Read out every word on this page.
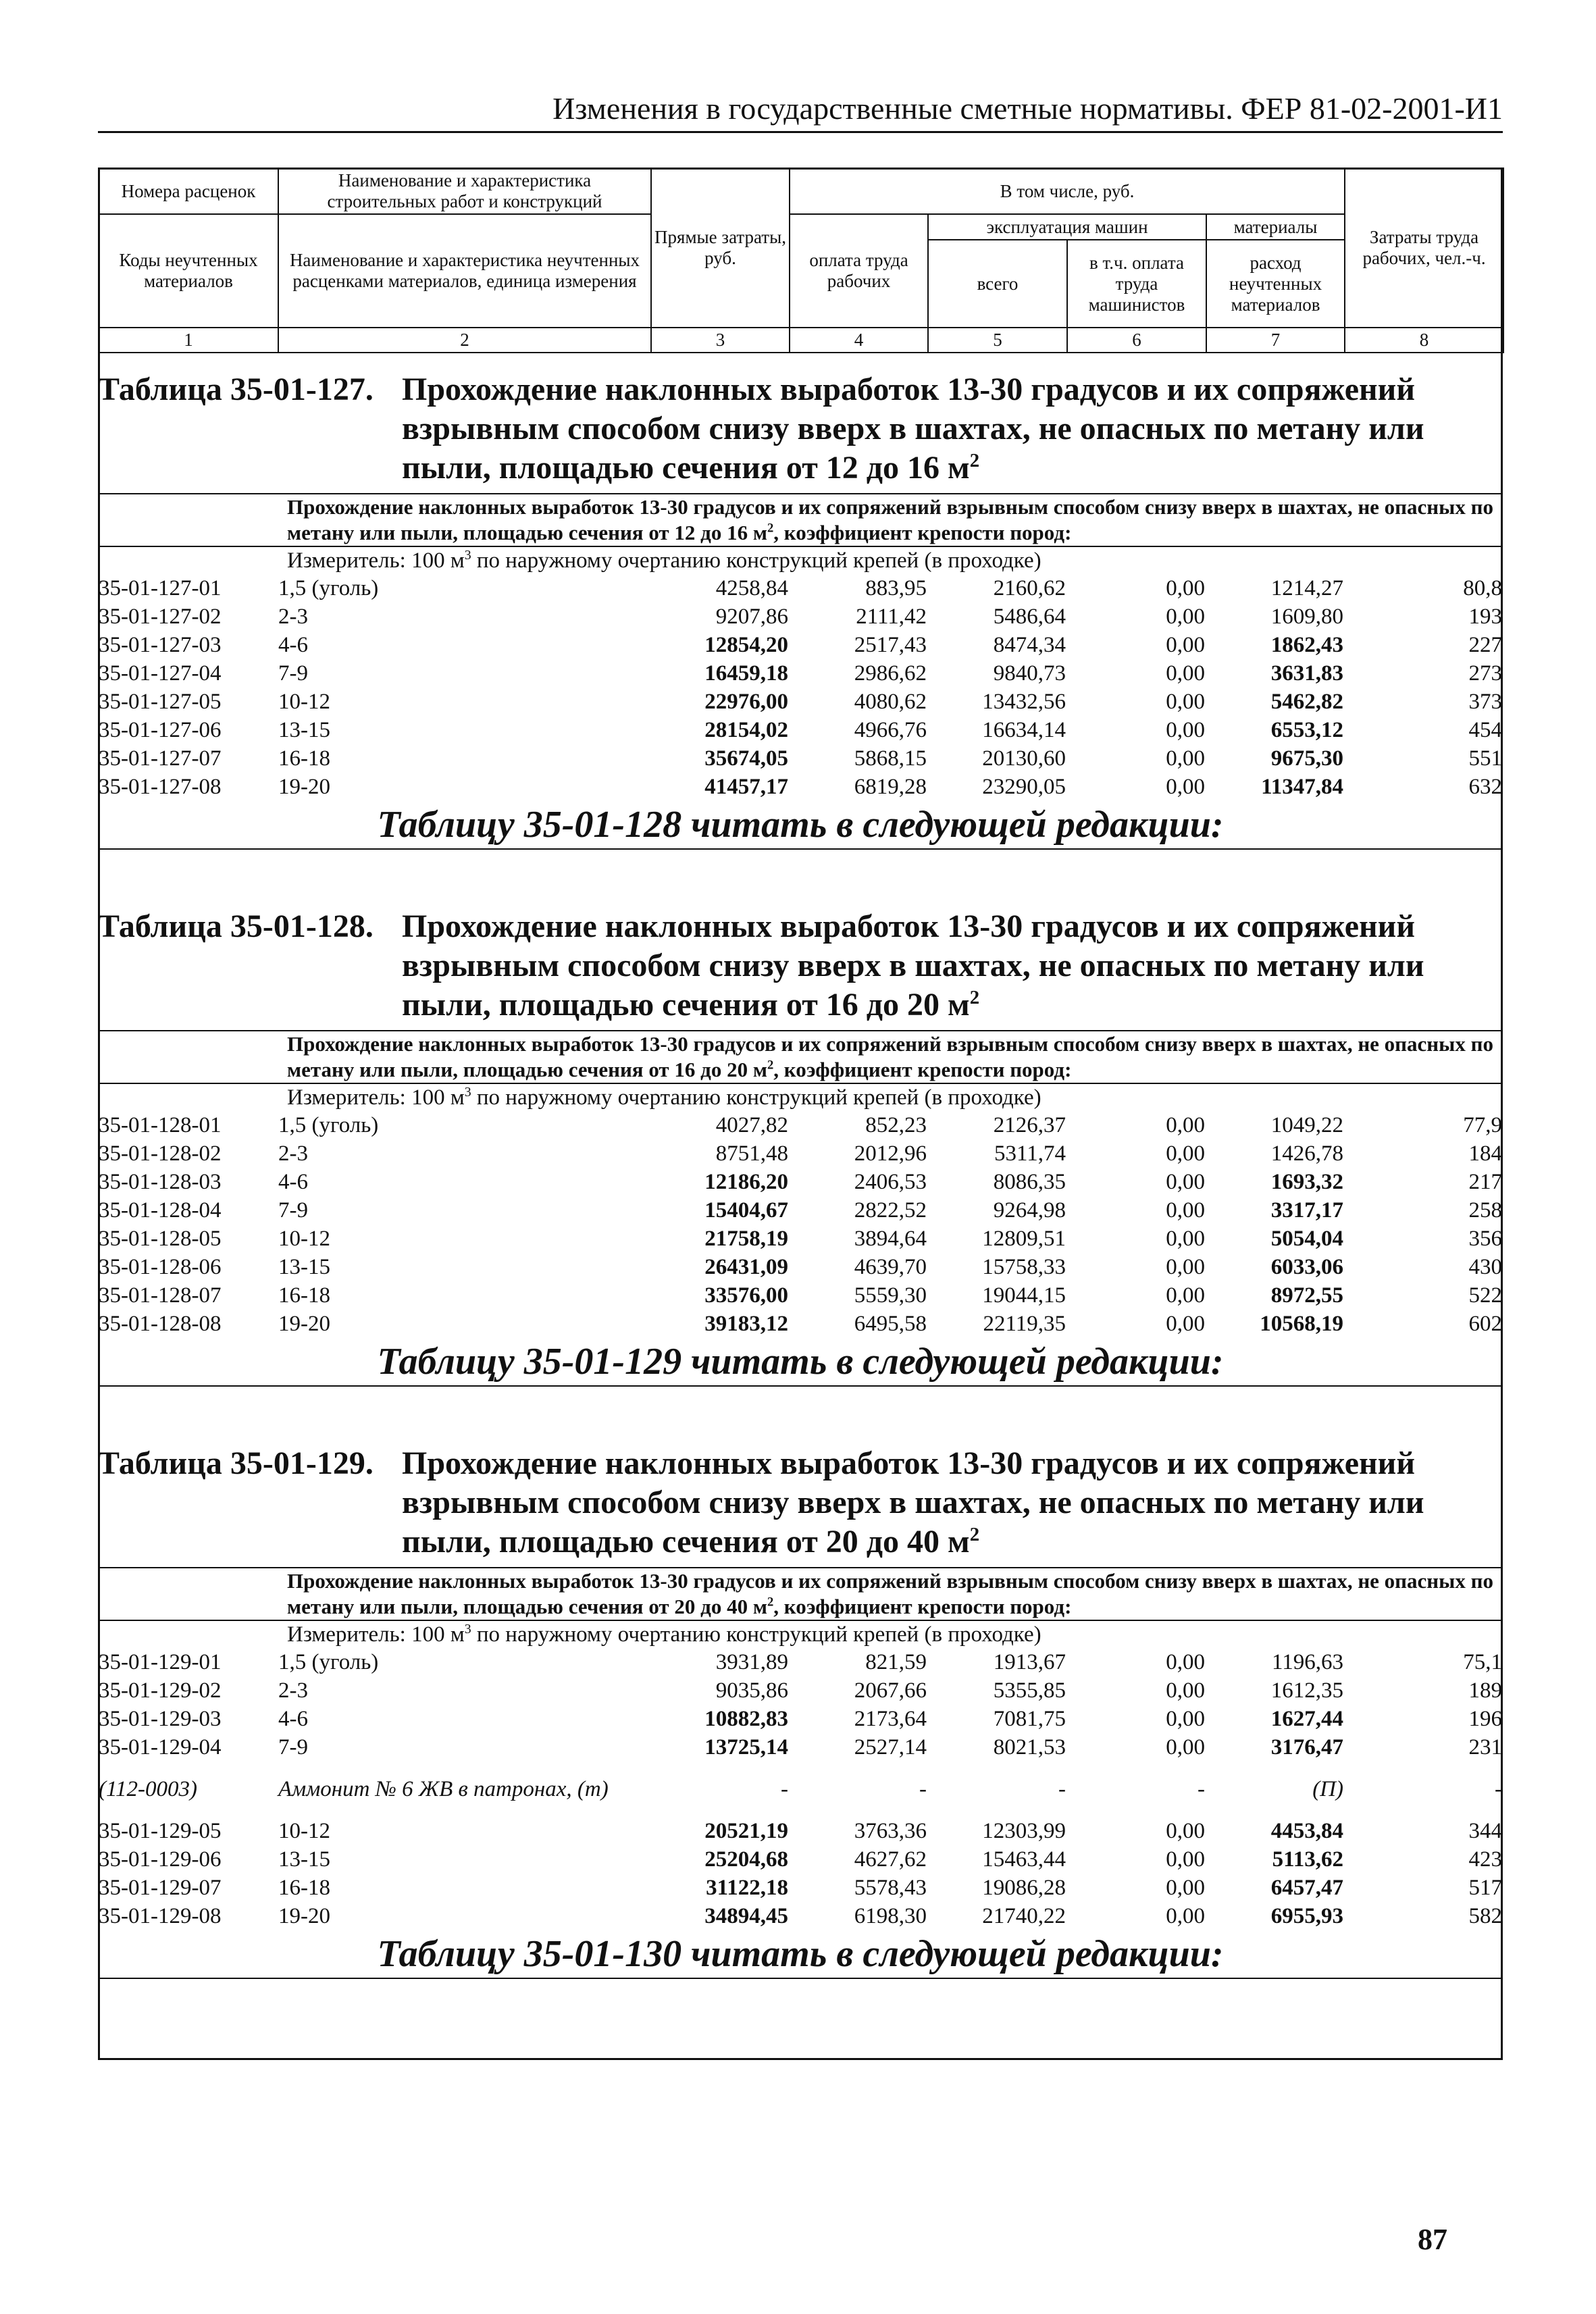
Изменения в государственные сметные нормативы. ФЕР 81-02-2001-И1
Номера расценок	Наименование и характеристика строительных работ и конструкций	Прямые затраты, руб.	В том числе, руб.				Затраты труда рабочих, чел.-ч.
Коды неучтенных материалов	Наименование и характеристика неучтенных расценками материалов, единица измерения		оплата труда рабочих	эксплуатация машин		материалы	
				всего	в т.ч. оплата труда машинистов	расход неучтенных материалов	
1	2	3	4	5	6	7	8
Таблица 35-01-127. Прохождение наклонных выработок 13-30 градусов и их сопряжений взрывным способом снизу вверх в шахтах, не опасных по метану или пыли, площадью сечения от 12 до 16 $м^2$
Прохождение наклонных выработок 13-30 градусов и их сопряжений взрывным способом снизу вверх в шахтах, не опасных по метану или пыли, площадью сечения от 12 до 16 $м^2$, коэффициент крепости пород:
Измеритель: 100 $м^3$ по наружному очертанию конструкций крепей (в проходке)
35-01-127-01	1,5 (уголь)	4258,84	883,95	2160,62	0,00	1214,27	80,8
35-01-127-02	2-3	9207,86	2111,42	5486,64	0,00	1609,80	193
35-01-127-03	4-6	12854,20	2517,43	8474,34	0,00	1862,43	227
35-01-127-04	7-9	16459,18	2986,62	9840,73	0,00	3631,83	273
35-01-127-05	10-12	22976,00	4080,62	13432,56	0,00	5462,82	373
35-01-127-06	13-15	28154,02	4966,76	16634,14	0,00	6553,12	454
35-01-127-07	16-18	35674,05	5868,15	20130,60	0,00	9675,30	551
35-01-127-08	19-20	41457,17	6819,28	23290,05	0,00	11347,84	632
Таблицу 35-01-128 читать в следующей редакции:
Таблица 35-01-128. Прохождение наклонных выработок 13-30 градусов и их сопряжений взрывным способом снизу вверх в шахтах, не опасных по метану или пыли, площадью сечения от 16 до 20 $м^2$
Прохождение наклонных выработок 13-30 градусов и их сопряжений взрывным способом снизу вверх в шахтах, не опасных по метану или пыли, площадью сечения от 16 до 20 $м^2$, коэффициент крепости пород:
Измеритель: 100 $м^3$ по наружному очертанию конструкций крепей (в проходке)
35-01-128-01	1,5 (уголь)	4027,82	852,23	2126,37	0,00	1049,22	77,9
35-01-128-02	2-3	8751,48	2012,96	5311,74	0,00	1426,78	184
35-01-128-03	4-6	12186,20	2406,53	8086,35	0,00	1693,32	217
35-01-128-04	7-9	15404,67	2822,52	9264,98	0,00	3317,17	258
35-01-128-05	10-12	21758,19	3894,64	12809,51	0,00	5054,04	356
35-01-128-06	13-15	26431,09	4639,70	15758,33	0,00	6033,06	430
35-01-128-07	16-18	33576,00	5559,30	19044,15	0,00	8972,55	522
35-01-128-08	19-20	39183,12	6495,58	22119,35	0,00	10568,19	602
Таблицу 35-01-129 читать в следующей редакции:
Таблица 35-01-129. Прохождение наклонных выработок 13-30 градусов и их сопряжений взрывным способом снизу вверх в шахтах, не опасных по метану или пыли, площадью сечения от 20 до 40 $м^2$
Прохождение наклонных выработок 13-30 градусов и их сопряжений взрывным способом снизу вверх в шахтах, не опасных по метану или пыли, площадью сечения от 20 до 40 $м^2$, коэффициент крепости пород:
Измеритель: 100 $м^3$ по наружному очертанию конструкций крепей (в проходке)
35-01-129-01	1,5 (уголь)	3931,89	821,59	1913,67	0,00	1196,63	75,1
35-01-129-02	2-3	9035,86	2067,66	5355,85	0,00	1612,35	189
35-01-129-03	4-6	10882,83	2173,64	7081,75	0,00	1627,44	196
35-01-129-04	7-9	13725,14	2527,14	8021,53	0,00	3176,47	231
(112-0003)	Аммонит № 6 ЖВ в патронах, (т)	-	-	-	-	(П)	-
35-01-129-05	10-12	20521,19	3763,36	12303,99	0,00	4453,84	344
35-01-129-06	13-15	25204,68	4627,62	15463,44	0,00	5113,62	423
35-01-129-07	16-18	31122,18	5578,43	19086,28	0,00	6457,47	517
35-01-129-08	19-20	34894,45	6198,30	21740,22	0,00	6955,93	582
Таблицу 35-01-130 читать в следующей редакции:
87
